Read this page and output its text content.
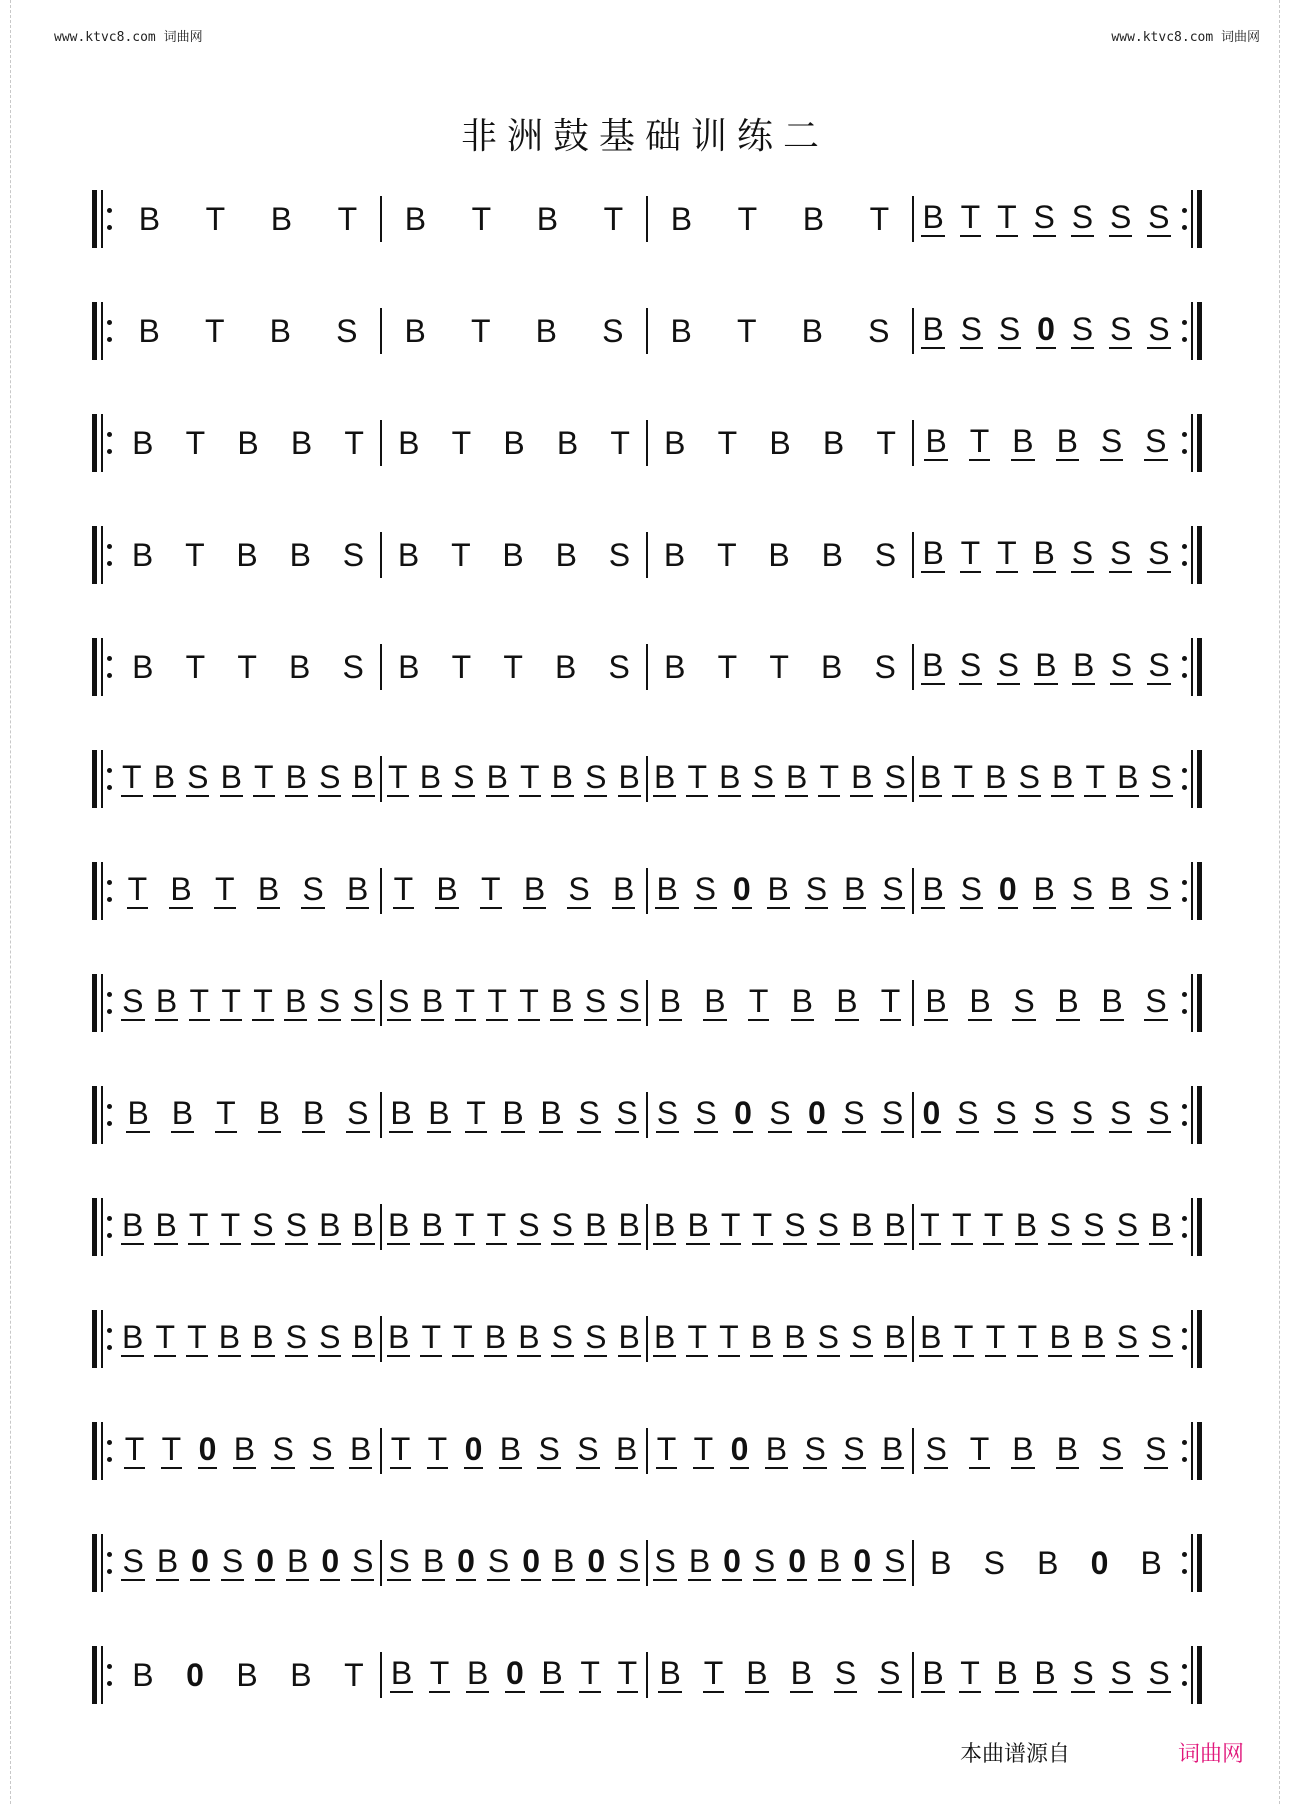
www.ktvc8.com 词曲网	www.ktvc8.com 词曲网
非洲鼓基础训练二
B T B T B T B T B T B T B T T S S S S
B T B S B T B S B T B S B S S 0 S S S
B T B B T B T B B T B T B B T B T B B S S
B T B B S B T B B S B T B B S B T T B S S S
B T T B S B T T B S B T T B S B S S B B S S
T B S B T B S B T B S B T B S B B T B S B T B S B T B S B T B S
T B T B S B T B T B S B B S 0 B S B S B S 0 B S B S
S B T T T B S S S B T T T B S S B B T B B T B B S B B S
B B T B B S B B T B B S S S S 0 S 0 S S 0 S S S S S S
B B T T S S B B B B T T S S B B B B T T S S B B T T T B S S S B
B T T B B S S B B T T B B S S B B T T B B S S B B T T T B B S S
T T 0 B S S B T T 0 B S S B T T 0 B S S B S T B B S S
S B 0 S 0 B 0 S S B 0 S 0 B 0 S S B 0 S 0 B 0 S B S B 0 B
B 0 B B T B T B 0 B T T B T B B S S B T B B S S S
本曲谱源自	词曲网
